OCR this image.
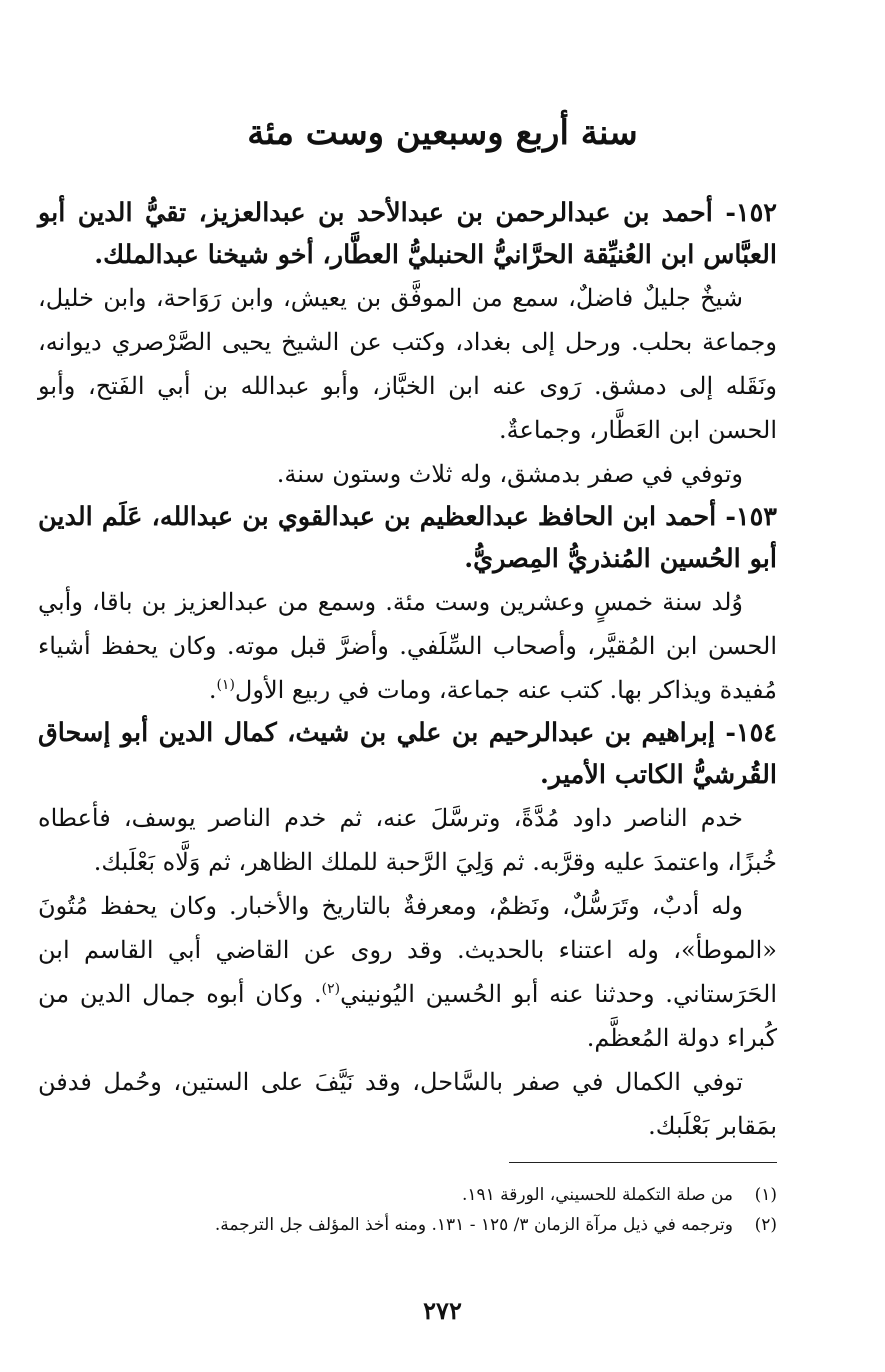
سنة أربع وسبعين وست مئة

١٥٢- أحمد بن عبدالرحمن بن عبدالأحد بن عبدالعزيز، تقيُّ الدين أبو العبَّاس ابن العُنيِّقة الحرَّانيُّ الحنبليُّ العطَّار، أخو شيخنا عبدالملك.

شيخٌ جليلٌ فاضلٌ، سمع من الموفَّق بن يعيش، وابن رَوَاحة، وابن خليل، وجماعة بحلب. ورحل إلى بغداد، وكتب عن الشيخ يحيى الصَّرْصري ديوانه، ونَقَله إلى دمشق. رَوى عنه ابن الخبَّاز، وأبو عبدالله بن أبي الفَتح، وأبو الحسن ابن العَطَّار، وجماعةٌ.

وتوفي في صفر بدمشق، وله ثلاث وستون سنة.

١٥٣- أحمد ابن الحافظ عبدالعظيم بن عبدالقوي بن عبدالله، عَلَم الدين أبو الحُسين المُنذريُّ المِصريُّ.

وُلد سنة خمسٍ وعشرين وست مئة. وسمع من عبدالعزيز بن باقا، وأبي الحسن ابن المُقيَّر، وأصحاب السِّلَفي. وأضرَّ قبل موته. وكان يحفظ أشياء مُفيدة ويذاكر بها. كتب عنه جماعة، ومات في ربيع الأول$^{(١)}$.

١٥٤- إبراهيم بن عبدالرحيم بن علي بن شيث، كمال الدين أبو إسحاق القُرشيُّ الكاتب الأمير.

خدم الناصر داود مُدَّةً، وترسَّلَ عنه، ثم خدم الناصر يوسف، فأعطاه خُبزًا، واعتمدَ عليه وقرَّبه. ثم وَلِيَ الرَّحبة للملك الظاهر، ثم وَلَّاه بَعْلَبك.

وله أدبٌ، وتَرَسُّلٌ، ونَظمٌ، ومعرفةٌ بالتاريخ والأخبار. وكان يحفظ مُتُونَ «الموطأ»، وله اعتناء بالحديث. وقد روى عن القاضي أبي القاسم ابن الحَرَستاني. وحدثنا عنه أبو الحُسين اليُونيني$^{(٢)}$. وكان أبوه جمال الدين من كُبراء دولة المُعظَّم.

توفي الكمال في صفر بالسَّاحل، وقد نَيَّفَ على الستين، وحُمل فدفن بمَقابر بَعْلَبك.

(١)من صلة التكملة للحسيني، الورقة ١٩١.

(٢)وترجمه في ذيل مرآة الزمان ٣/ ١٢٥ - ١٣١. ومنه أخذ المؤلف جل الترجمة.

٢٧٢
